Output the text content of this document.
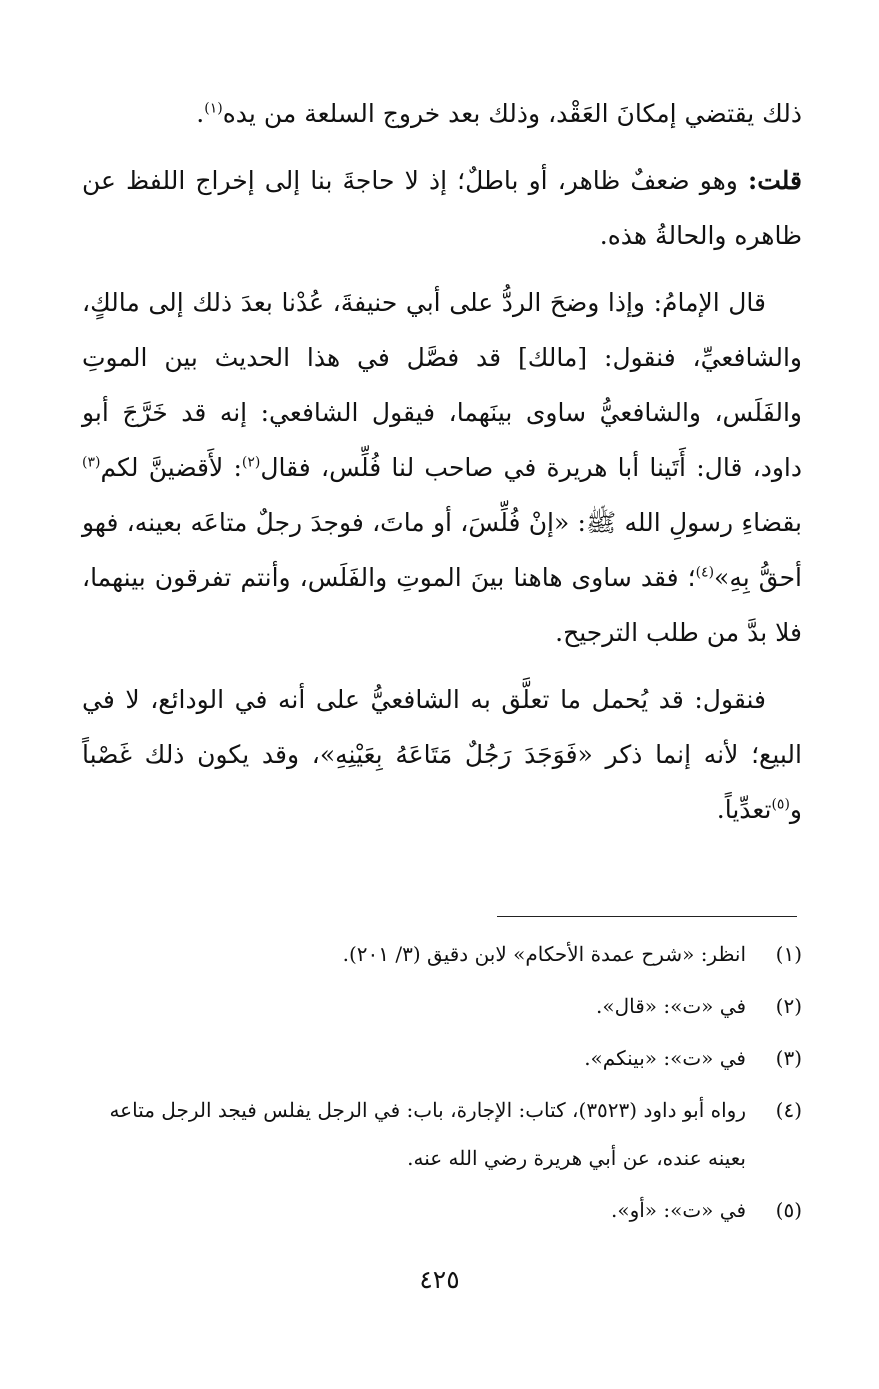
ذلك يقتضي إمكانَ العَقْد، وذلك بعد خروج السلعة من يده$^{(١)}$.

قلت: وهو ضعفٌ ظاهر، أو باطلٌ؛ إذ لا حاجةَ بنا إلى إخراج اللفظ عن ظاهره والحالةُ هذه.

قال الإمامُ: وإذا وضحَ الردُّ على أبي حنيفةَ، عُدْنا بعدَ ذلك إلى مالكٍ، والشافعيِّ، فنقول: [مالك] قد فصَّل في هذا الحديث بين الموتِ والفَلَس، والشافعيُّ ساوى بينَهما، فيقول الشافعي: إنه قد خَرَّجَ أبو داود، قال: أَتَينا أبا هريرة في صاحب لنا فُلِّس، فقال$^{(٢)}$: لأَقضينَّ لكم$^{(٣)}$ بقضاءِ رسولِ الله ﷺ: «إنْ فُلِّسَ، أو ماتَ، فوجدَ رجلٌ متاعَه بعينه، فهو أحقُّ بِهِ»$^{(٤)}$؛ فقد ساوى هاهنا بينَ الموتِ والفَلَس، وأنتم تفرقون بينهما، فلا بدَّ من طلب الترجيح.

فنقول: قد يُحمل ما تعلَّق به الشافعيُّ على أنه في الودائع، لا في البيع؛ لأنه إنما ذكر «فَوَجَدَ رَجُلٌ مَتَاعَهُ بِعَيْنِهِ»، وقد يكون ذلك غَصْباً و$^{(٥)}$تعدِّياً.

(١)
انظر: «شرح عمدة الأحكام» لابن دقيق (٣/ ٢٠١).
(٢)
في «ت»: «قال».
(٣)
في «ت»: «بينكم».
(٤)
رواه أبو داود (٣٥٢٣)، كتاب: الإجارة، باب: في الرجل يفلس فيجد الرجل متاعه بعينه عنده، عن أبي هريرة رضي الله عنه.
(٥)
في «ت»: «أو».
٤٢٥
